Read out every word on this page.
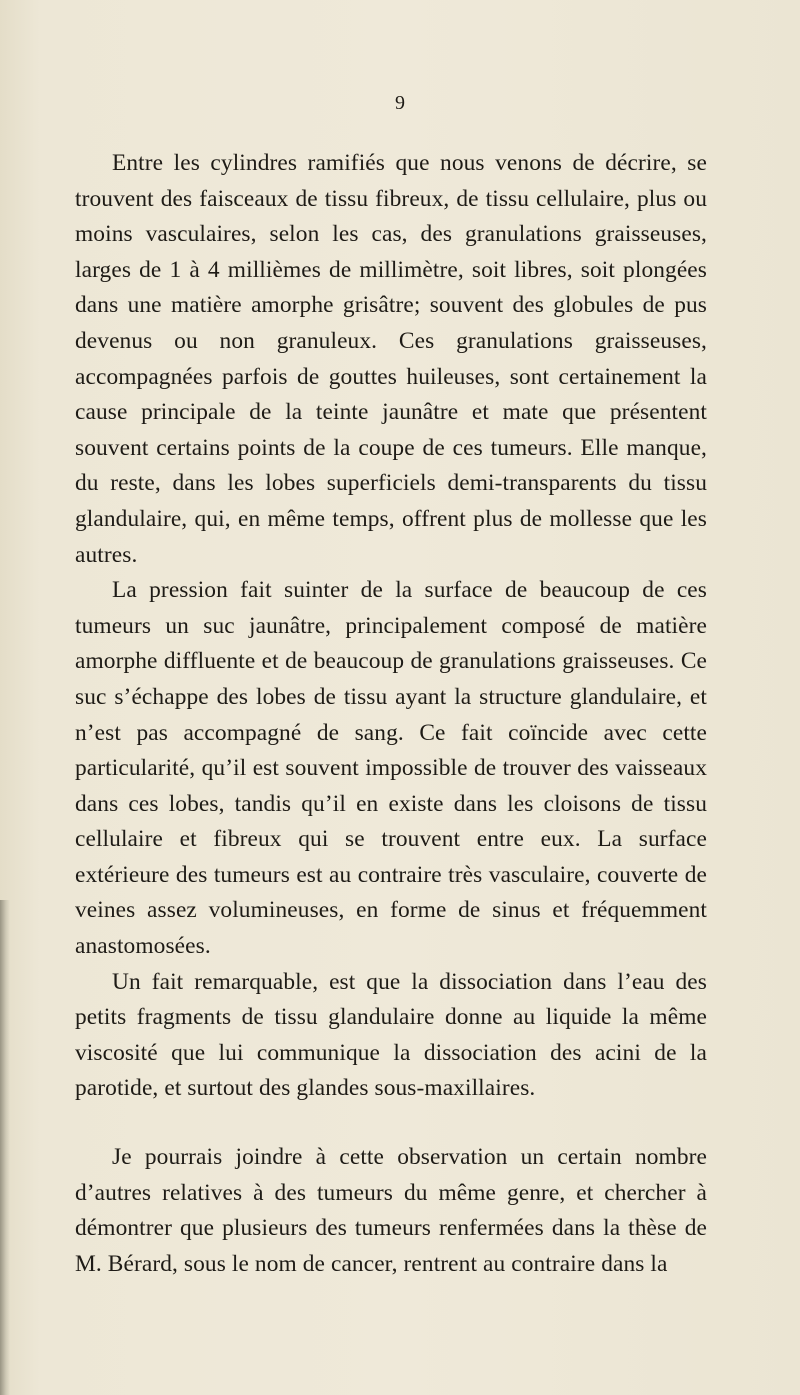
9

Entre les cylindres ramifiés que nous venons de décrire, se trouvent des faisceaux de tissu fibreux, de tissu cellulaire, plus ou moins vasculaires, selon les cas, des granulations graisseuses, larges de 1 à 4 millièmes de millimètre, soit libres, soit plongées dans une matière amorphe grisâtre; souvent des globules de pus devenus ou non granuleux. Ces granulations graisseuses, accompagnées parfois de gouttes huileuses, sont certainement la cause principale de la teinte jaunâtre et mate que présentent souvent certains points de la coupe de ces tumeurs. Elle manque, du reste, dans les lobes superficiels demi-transparents du tissu glandulaire, qui, en même temps, offrent plus de mollesse que les autres.

La pression fait suinter de la surface de beaucoup de ces tumeurs un suc jaunâtre, principalement composé de matière amorphe diffluente et de beaucoup de granulations graisseuses. Ce suc s’échappe des lobes de tissu ayant la structure glandulaire, et n’est pas accompagné de sang. Ce fait coïncide avec cette particularité, qu’il est souvent impossible de trouver des vaisseaux dans ces lobes, tandis qu’il en existe dans les cloisons de tissu cellulaire et fibreux qui se trouvent entre eux. La surface extérieure des tumeurs est au contraire très vasculaire, couverte de veines assez volumineuses, en forme de sinus et fréquemment anastomosées.

Un fait remarquable, est que la dissociation dans l’eau des petits fragments de tissu glandulaire donne au liquide la même viscosité que lui communique la dissociation des acini de la parotide, et surtout des glandes sous-maxillaires.

Je pourrais joindre à cette observation un certain nombre d’autres relatives à des tumeurs du même genre, et chercher à démontrer que plusieurs des tumeurs renfermées dans la thèse de M. Bérard, sous le nom de cancer, rentrent au contraire dans la
